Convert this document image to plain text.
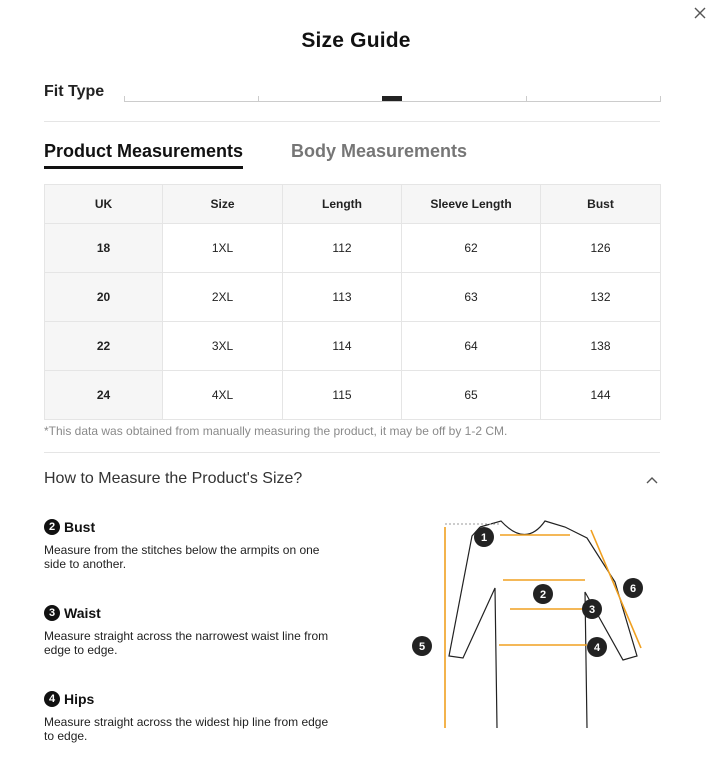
Size Guide
Fit Type
Product Measurements	Body Measurements
UK	Size	Length	Sleeve Length	Bust
18	1XL	112	62	126
20	2XL	113	63	132
22	3XL	114	64	138
24	4XL	115	65	144
*This data was obtained from manually measuring the product, it may be off by 1-2 CM.
How to Measure the Product's Size?
2 Bust
Measure from the stitches below the armpits on one side to another.
3 Waist
Measure straight across the narrowest waist line from edge to edge.
4 Hips
Measure straight across the widest hip line from edge to edge.
1
2
3
4
5
6
